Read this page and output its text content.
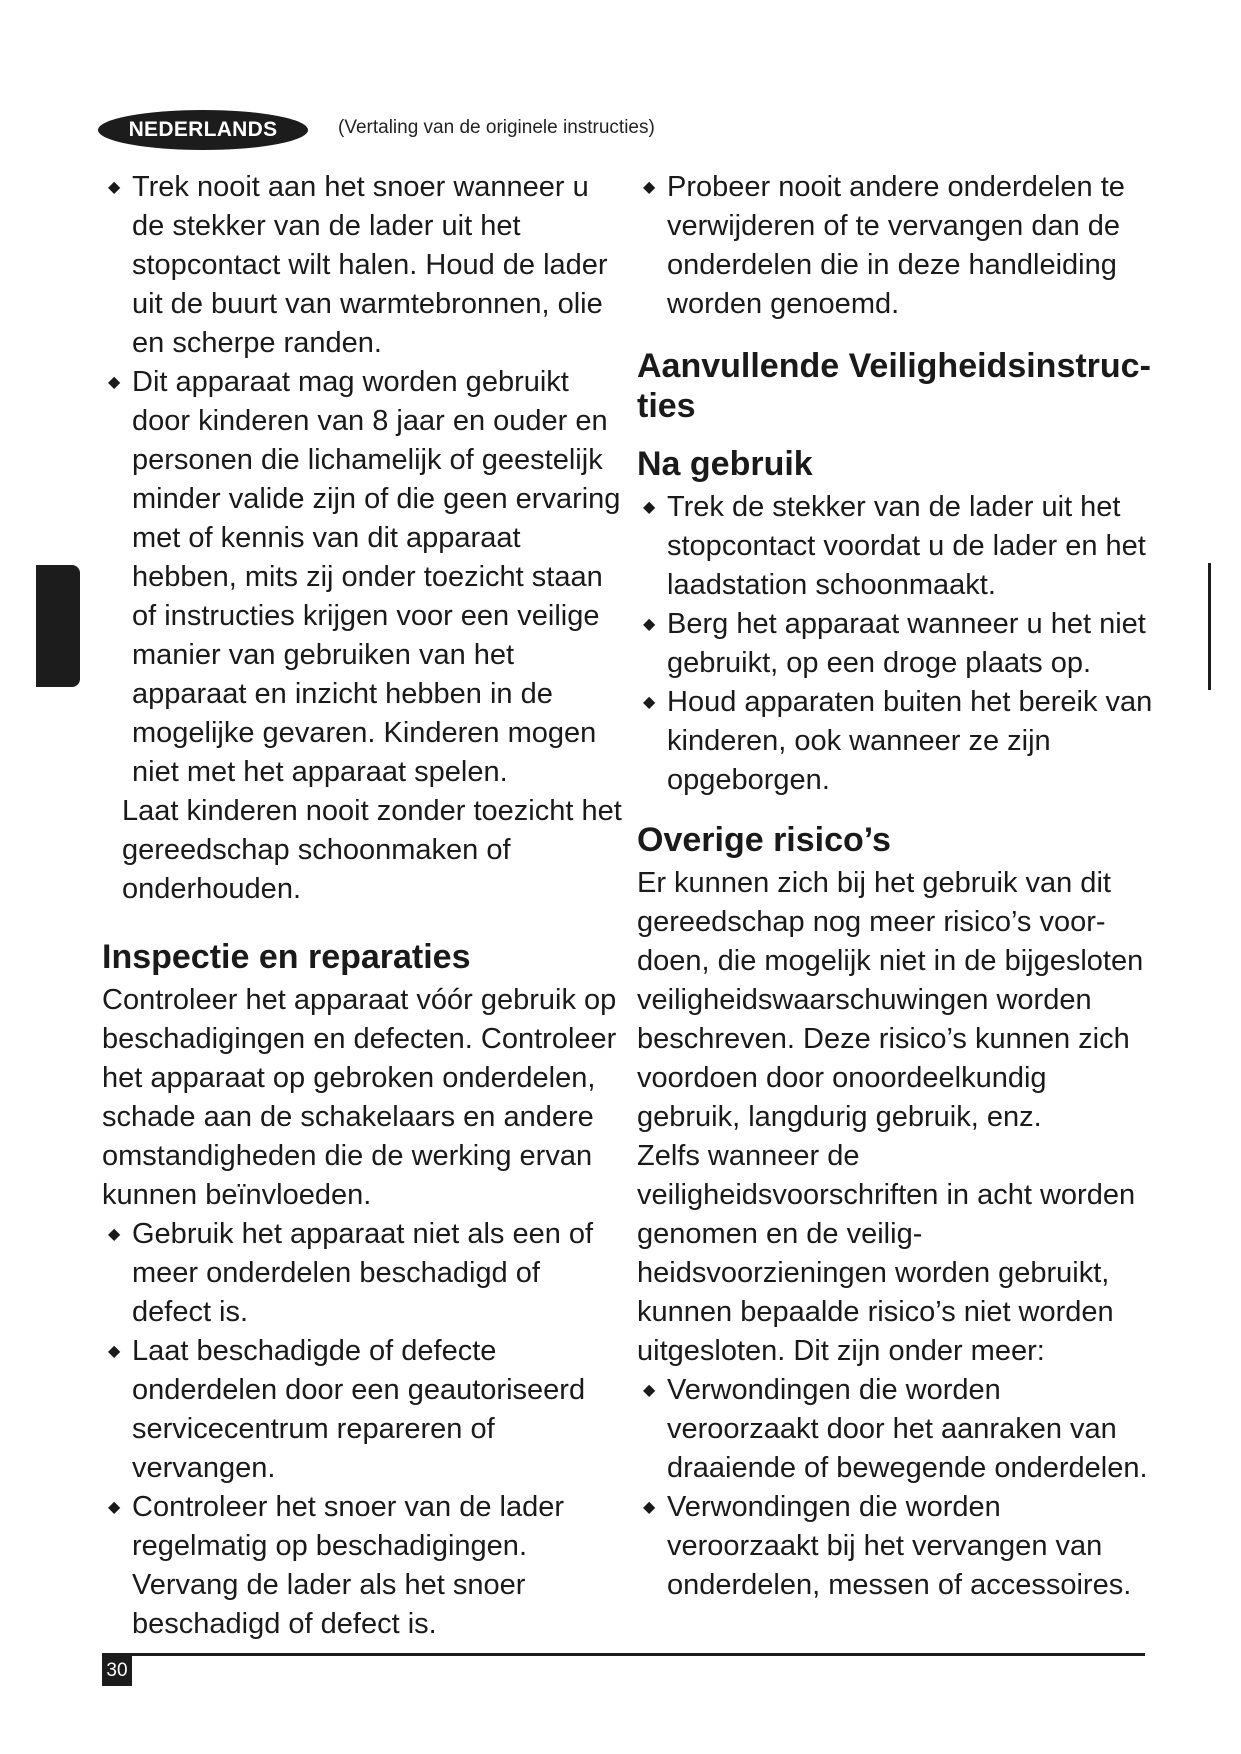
NEDERLANDS	(Vertaling van de originele instructies)

◆ Trek nooit aan het snoer wanneer u de stekker van de lader uit het stopcontact wilt halen. Houd de lader uit de buurt van warmtebronnen, olie en scherpe randen.

◆ Dit apparaat mag worden gebruikt door kinderen van 8 jaar en ouder en personen die lichamelijk of geestelijk minder valide zijn of die geen ervaring met of kennis van dit apparaat hebben, mits zij onder toezicht staan of instructies krijgen voor een veilige manier van gebruiken van het apparaat en inzicht hebben in de mogelijke gevaren. Kinderen mogen niet met het apparaat spelen.

Laat kinderen nooit zonder toezicht het gereedschap schoonmaken of onderhouden.

Inspectie en reparaties

Controleer het apparaat vóór gebruik op beschadigingen en defecten. Controleer het apparaat op gebroken onderdelen, schade aan de schakelaars en andere omstandigheden die de werking ervan kunnen beïnvloeden.

◆ Gebruik het apparaat niet als een of meer onderdelen beschadigd of defect is.

◆ Laat beschadigde of defecte onderdelen door een geautoriseerd servicecentrum repareren of vervangen.

◆ Controleer het snoer van de lader regelmatig op beschadigingen. Vervang de lader als het snoer beschadigd of defect is.

◆ Probeer nooit andere onderdelen te verwijderen of te vervangen dan de onderdelen die in deze handleiding worden genoemd.

Aanvullende Veiligheidsinstruc-ties
Na gebruik

◆ Trek de stekker van de lader uit het stopcontact voordat u de lader en het laadstation schoonmaakt.

◆ Berg het apparaat wanneer u het niet gebruikt, op een droge plaats op.

◆ Houd apparaten buiten het bereik van kinderen, ook wanneer ze zijn opgeborgen.

Overige risico’s

Er kunnen zich bij het gebruik van dit gereedschap nog meer risico’s voor-doen, die mogelijk niet in de bijgesloten veiligheidswaarschuwingen worden beschreven. Deze risico’s kunnen zich voordoen door onoordeelkundig gebruik, langdurig gebruik, enz.

Zelfs wanneer de veiligheidsvoorschriften in acht worden genomen en de veilig-heidsvoorzieningen worden gebruikt, kunnen bepaalde risico’s niet worden uitgesloten. Dit zijn onder meer:

◆ Verwondingen die worden veroorzaakt door het aanraken van draaiende of bewegende onderdelen.

◆ Verwondingen die worden veroorzaakt bij het vervangen van onderdelen, messen of accessoires.

30
